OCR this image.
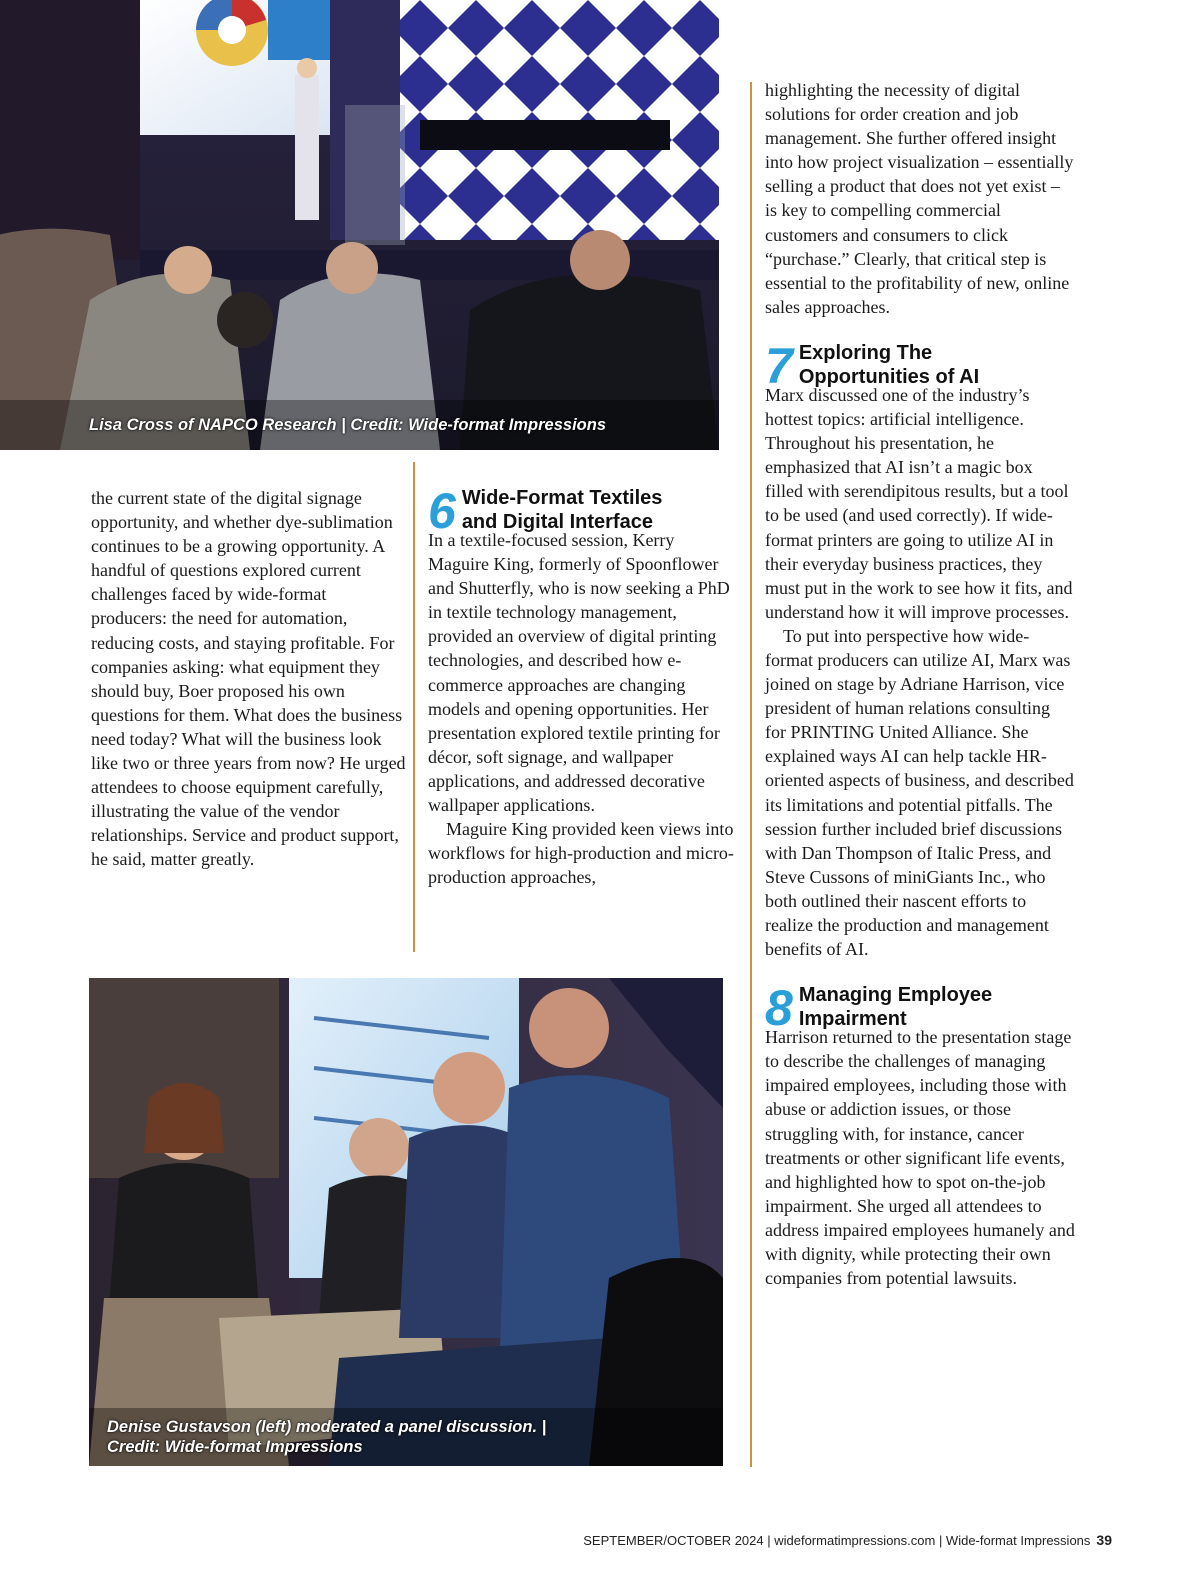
Lisa Cross of NAPCO Research | Credit: Wide-format Impressions

the current state of the digital signage opportunity, and whether dye-sublimation continues to be a growing opportunity. A handful of questions explored current challenges faced by wide-format producers: the need for automation, reducing costs, and staying profitable. For companies asking: what equipment they should buy, Boer proposed his own questions for them. What does the business need today? What will the business look like two or three years from now? He urged attendees to choose equipment carefully, illustrating the value of the vendor relationships. Service and product support, he said, matter greatly.

6 Wide-Format Textiles
and Digital Interface

In a textile-focused session, Kerry Maguire King, formerly of Spoonflower and Shutterfly, who is now seeking a PhD in textile technology management, provided an overview of digital printing technologies, and described how e-commerce approaches are changing models and opening opportunities. Her presentation explored textile printing for décor, soft signage, and wallpaper applications, and addressed decorative wallpaper applications.

Maguire King provided keen views into workflows for high-production and micro-production approaches,

Denise Gustavson (left) moderated a panel discussion. |
Credit: Wide-format Impressions

highlighting the necessity of digital solutions for order creation and job management. She further offered insight into how project visualization – essentially selling a product that does not yet exist – is key to compelling commercial customers and consumers to click “purchase.” Clearly, that critical step is essential to the profitability of new, online sales approaches.

7 Exploring The
Opportunities of AI

Marx discussed one of the industry’s hottest topics: artificial intelligence. Throughout his presentation, he emphasized that AI isn’t a magic box filled with serendipitous results, but a tool to be used (and used correctly). If wide-format printers are going to utilize AI in their everyday business practices, they must put in the work to see how it fits, and understand how it will improve processes.

To put into perspective how wide-format producers can utilize AI, Marx was joined on stage by Adriane Harrison, vice president of human relations consulting for PRINTING United Alliance. She explained ways AI can help tackle HR-oriented aspects of business, and described its limitations and potential pitfalls. The session further included brief discussions with Dan Thompson of Italic Press, and Steve Cussons of miniGiants Inc., who both outlined their nascent efforts to realize the production and management benefits of AI.

8 Managing Employee
Impairment

Harrison returned to the presentation stage to describe the challenges of managing impaired employees, including those with abuse or addiction issues, or those struggling with, for instance, cancer treatments or other significant life events, and highlighted how to spot on-the-job impairment. She urged all attendees to address impaired employees humanely and with dignity, while protecting their own companies from potential lawsuits.

SEPTEMBER/OCTOBER 2024 | wideformatimpressions.com | Wide-format Impressions 39
